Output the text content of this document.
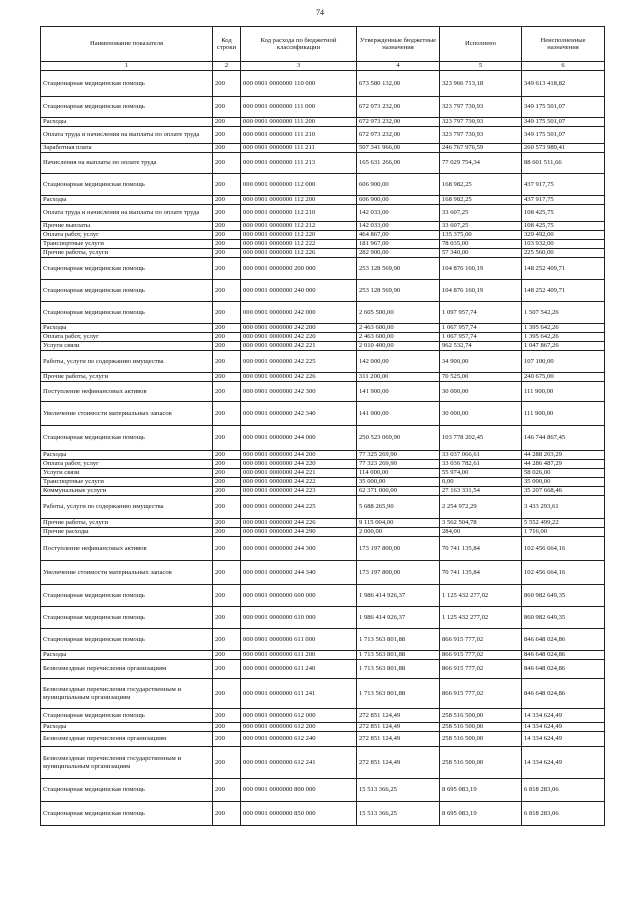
74
Наименование показателя	Код строки	Код расхода по бюджетной классификации	Утвержденные бюджетные назначения	Исполнено	Неисполненные назначения
1	2	3	4	5	6
Стационарная медицинская помощь	200	000 0901 0000000 110 000	673 580 132,00	323 966 713,18	349 613 418,82
Стационарная медицинская помощь	200	000 0901 0000000 111 000	672 973 232,00	323 797 730,93	349 175 501,07
Расходы	200	000 0901 0000000 111 200	672 973 232,00	323 797 730,93	349 175 501,07
Оплата труда и начисления на выплаты по оплате труда	200	000 0901 0000000 111 210	672 973 232,00	323 797 730,93	349 175 501,07
Заработная плата	200	000 0901 0000000 111 211	507 341 966,00	246 767 976,59	260 573 989,41
Начисления на выплаты по оплате труда	200	000 0901 0000000 111 213	165 631 266,00	77 029 754,34	88 601 511,66
Стационарная медицинская помощь	200	000 0901 0000000 112 000	606 900,00	168 982,25	437 917,75
Расходы	200	000 0901 0000000 112 200	606 900,00	168 982,25	437 917,75
Оплата труда и начисления на выплаты по оплате труда	200	000 0901 0000000 112 210	142 033,00	33 607,25	108 425,75
Прочие выплаты	200	000 0901 0000000 112 212	142 033,00	33 607,25	108 425,75
Оплата работ, услуг	200	000 0901 0000000 112 220	464 867,00	135 375,00	329 492,00
Транспортные услуги	200	000 0901 0000000 112 222	181 967,00	78 035,00	103 932,00
Прочие работы, услуги	200	000 0901 0000000 112 226	282 900,00	57 340,00	225 560,00
Стационарная медицинская помощь	200	000 0901 0000000 200 000	253 128 569,90	104 876 160,19	148 252 409,71
Стационарная медицинская помощь	200	000 0901 0000000 240 000	253 128 569,90	104 876 160,19	148 252 409,71
Стационарная медицинская помощь	200	000 0901 0000000 242 000	2 605 500,00	1 097 957,74	1 507 542,26
Расходы	200	000 0901 0000000 242 200	2 463 600,00	1 067 957,74	1 395 642,26
Оплата работ, услуг	200	000 0901 0000000 242 220	2 463 600,00	1 067 957,74	1 395 642,26
Услуги связи	200	000 0901 0000000 242 221	2 010 400,00	962 532,74	1 047 867,26
Работы, услуги по содержанию имущества	200	000 0901 0000000 242 225	142 000,00	34 900,00	107 100,00
Прочие работы, услуги	200	000 0901 0000000 242 226	311 200,00	70 525,00	240 675,00
Поступление нефинансовых активов	200	000 0901 0000000 242 300	141 900,00	30 000,00	111 900,00
Увеличение стоимости материальных запасов	200	000 0901 0000000 242 340	141 900,00	30 000,00	111 900,00
Стационарная медицинская помощь	200	000 0901 0000000 244 000	250 523 069,90	103 778 202,45	146 744 867,45
Расходы	200	000 0901 0000000 244 200	77 325 269,90	33 037 066,61	44 288 203,29
Оплата работ, услуг	200	000 0901 0000000 244 220	77 323 269,90	33 036 782,61	44 286 487,29
Услуги связи	200	000 0901 0000000 244 221	114 000,00	55 974,00	58 026,00
Транспортные услуги	200	000 0901 0000000 244 222	35 000,00	0,00	35 000,00
Коммунальные услуги	200	000 0901 0000000 244 223	62 371 000,00	27 163 331,54	35 207 668,46
Работы, услуги по содержанию имущества	200	000 0901 0000000 244 225	5 688 265,90	2 254 972,29	3 433 293,61
Прочие работы, услуги	200	000 0901 0000000 244 226	9 115 004,00	3 562 504,78	5 552 499,22
Прочие расходы	200	000 0901 0000000 244 290	2 000,00	284,00	1 716,00
Поступление нефинансовых активов	200	000 0901 0000000 244 300	173 197 800,00	70 741 135,84	102 456 664,16
Увеличение стоимости материальных запасов	200	000 0901 0000000 244 340	173 197 800,00	70 741 135,84	102 456 664,16
Стационарная медицинская помощь	200	000 0901 0000000 600 000	1 986 414 926,37	1 125 432 277,02	860 982 649,35
Стационарная медицинская помощь	200	000 0901 0000000 610 000	1 986 414 926,37	1 125 432 277,02	860 982 649,35
Стационарная медицинская помощь	200	000 0901 0000000 611 000	1 713 563 801,88	866 915 777,02	846 648 024,86
Расходы	200	000 0901 0000000 611 200	1 713 563 801,88	866 915 777,02	846 648 024,86
Безвозмездные перечисления организациям	200	000 0901 0000000 611 240	1 713 563 801,88	866 915 777,02	846 648 024,86
Безвозмездные перечисления государственным и муниципальным организациям	200	000 0901 0000000 611 241	1 713 563 801,88	866 915 777,02	846 648 024,86
Стационарная медицинская помощь	200	000 0901 0000000 612 000	272 851 124,49	258 516 500,00	14 334 624,49
Расходы	200	000 0901 0000000 612 200	272 851 124,49	258 516 500,00	14 334 624,49
Безвозмездные перечисления организациям	200	000 0901 0000000 612 240	272 851 124,49	258 516 500,00	14 334 624,49
Безвозмездные перечисления государственным и муниципальным организациям	200	000 0901 0000000 612 241	272 851 124,49	258 516 500,00	14 334 624,49
Стационарная медицинская помощь	200	000 0901 0000000 800 000	15 513 366,25	8 695 083,19	6 818 283,06
Стационарная медицинская помощь	200	000 0901 0000000 850 000	15 513 366,25	8 695 083,19	6 818 283,06
